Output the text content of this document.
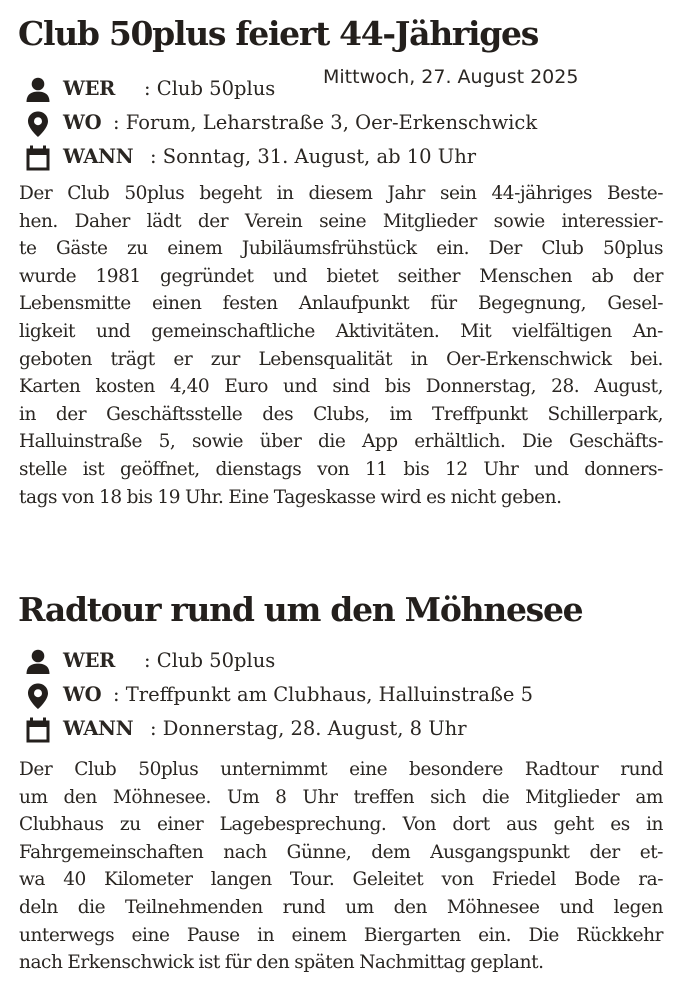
Club 50plus feiert 44-Jähriges
Mittwoch, 27. August 2025
WER : Club 50plus
WO : Forum, Leharstraße 3, Oer-Erkenschwick
WANN : Sonntag, 31. August, ab 10 Uhr
Der Club 50plus begeht in diesem Jahr sein 44-jähriges Beste-
hen. Daher lädt der Verein seine Mitglieder sowie interessier-
te Gäste zu einem Jubiläumsfrühstück ein. Der Club 50plus
wurde 1981 gegründet und bietet seither Menschen ab der
Lebensmitte einen festen Anlaufpunkt für Begegnung, Gesel-
ligkeit und gemeinschaftliche Aktivitäten. Mit vielfältigen An-
geboten trägt er zur Lebensqualität in Oer-Erkenschwick bei.
Karten kosten 4,40 Euro und sind bis Donnerstag, 28. August,
in der Geschäftsstelle des Clubs, im Treffpunkt Schillerpark,
Halluinstraße 5, sowie über die App erhältlich. Die Geschäfts-
stelle ist geöffnet, dienstags von 11 bis 12 Uhr und donners-
tags von 18 bis 19 Uhr. Eine Tageskasse wird es nicht geben.
Radtour rund um den Möhnesee
WER : Club 50plus
WO : Treffpunkt am Clubhaus, Halluinstraße 5
WANN : Donnerstag, 28. August, 8 Uhr
Der Club 50plus unternimmt eine besondere Radtour rund
um den Möhnesee. Um 8 Uhr treffen sich die Mitglieder am
Clubhaus zu einer Lagebesprechung. Von dort aus geht es in
Fahrgemeinschaften nach Günne, dem Ausgangspunkt der et-
wa 40 Kilometer langen Tour. Geleitet von Friedel Bode ra-
deln die Teilnehmenden rund um den Möhnesee und legen
unterwegs eine Pause in einem Biergarten ein. Die Rückkehr
nach Erkenschwick ist für den späten Nachmittag geplant.
